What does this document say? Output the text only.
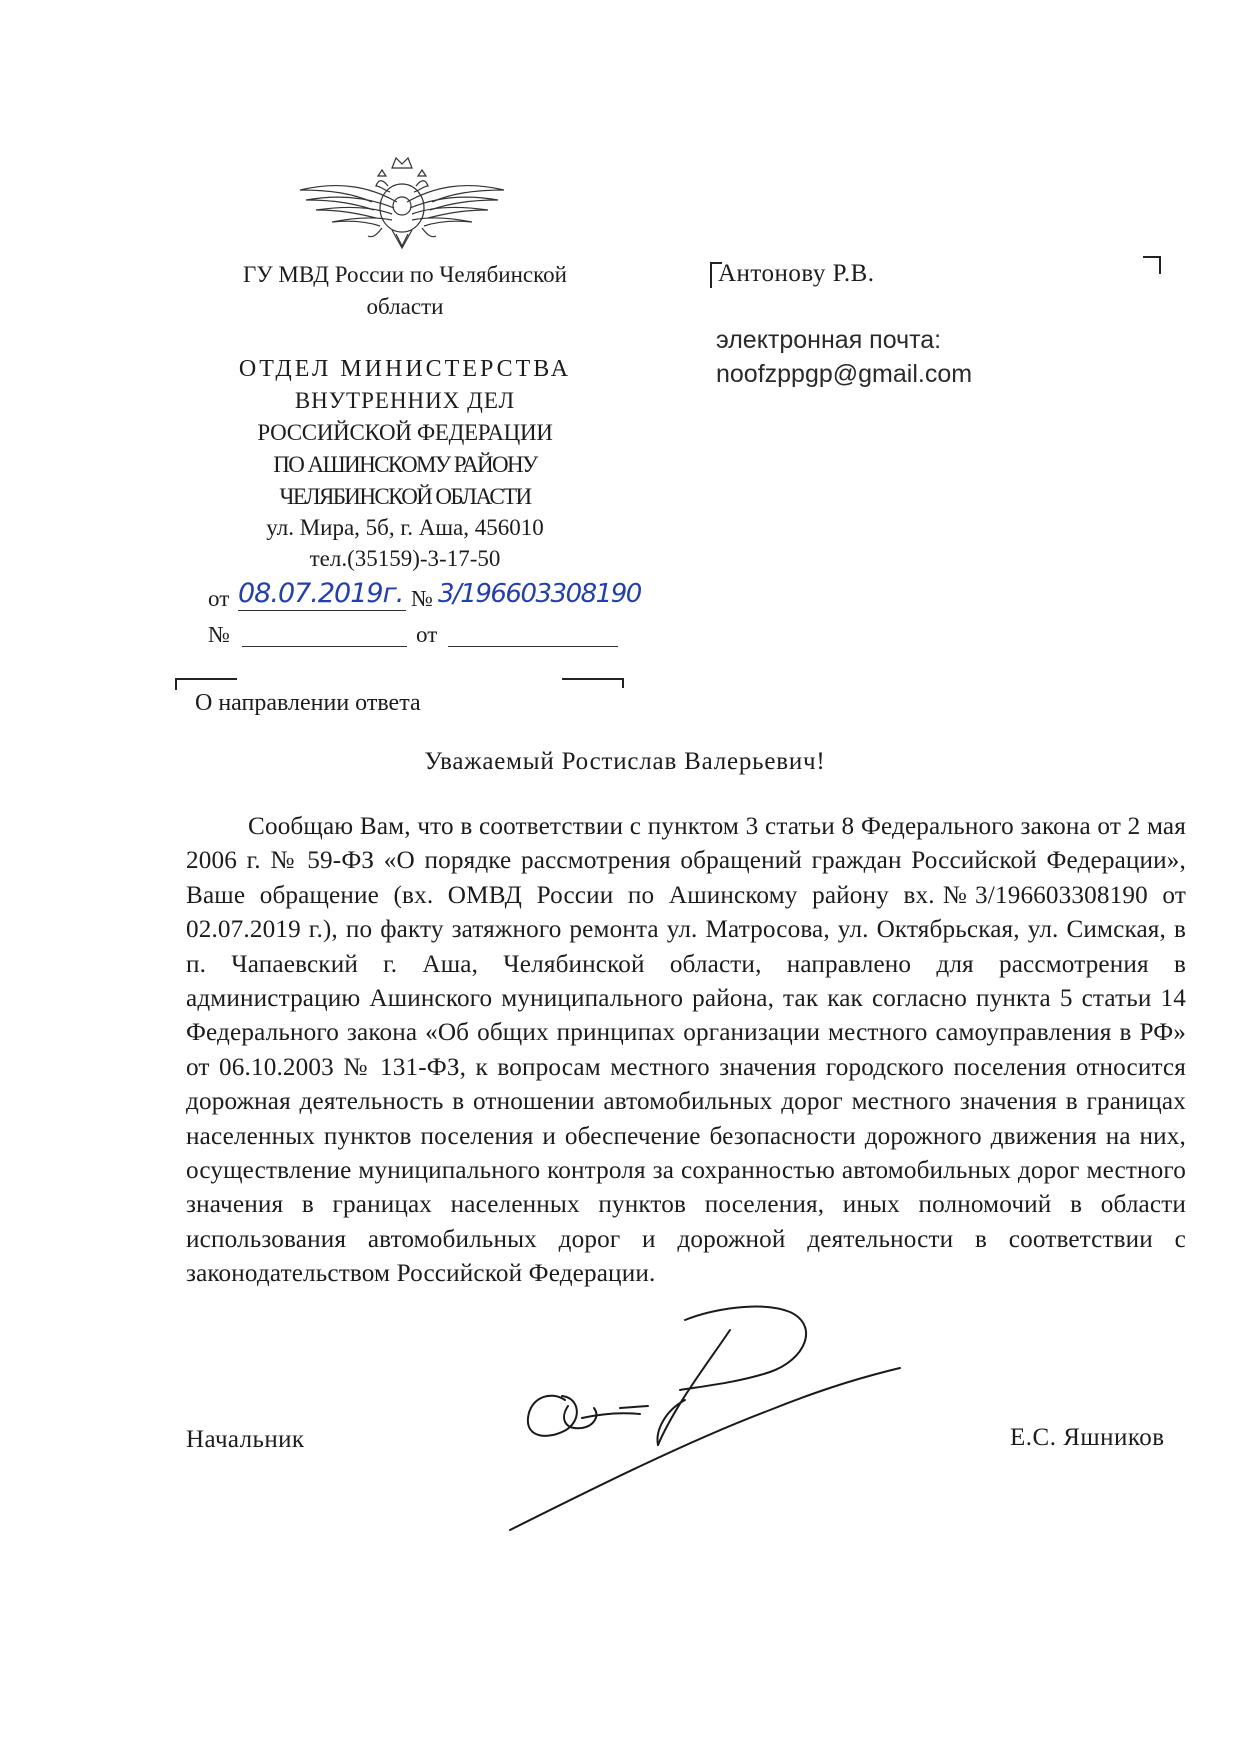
ГУ МВД России по Челябинской
области
ОТДЕЛ МИНИСТЕРСТВА
ВНУТРЕННИХ ДЕЛ
РОССИЙСКОЙ ФЕДЕРАЦИИ
ПО АШИНСКОМУ РАЙОНУ
ЧЕЛЯБИНСКОЙ ОБЛАСТИ
ул. Мира, 5б, г. Аша, 456010
тел.(35159)-3-17-50
от 08.07.2019г. № 3/196603308190
№	от
Антонову Р.В.
электронная почта:
noofzppgp@gmail.com
О направлении ответа
Уважаемый Ростислав Валерьевич!
Сообщаю Вам, что в соответствии с пунктом 3 статьи 8 Федерального закона от 2 мая 2006 г. № 59-ФЗ «О порядке рассмотрения обращений граждан Российской Федерации», Ваше обращение (вх. ОМВД России по Ашинскому району вх.№3/196603308190 от 02.07.2019 г.), по факту затяжного ремонта ул. Матросова, ул. Октябрьская, ул. Симская, в п. Чапаевский г. Аша, Челябинской области, направлено для рассмотрения в администрацию Ашинского муниципального района, так как согласно пункта 5 статьи 14 Федерального закона «Об общих принципах организации местного самоуправления в РФ» от 06.10.2003 № 131-ФЗ, к вопросам местного значения городского поселения относится дорожная деятельность в отношении автомобильных дорог местного значения в границах населенных пунктов поселения и обеспечение безопасности дорожного движения на них, осуществление муниципального контроля за сохранностью автомобильных дорог местного значения в границах населенных пунктов поселения, иных полномочий в области использования автомобильных дорог и дорожной деятельности в соответствии с законодательством Российской Федерации.
Начальник	Е.С. Яшников
